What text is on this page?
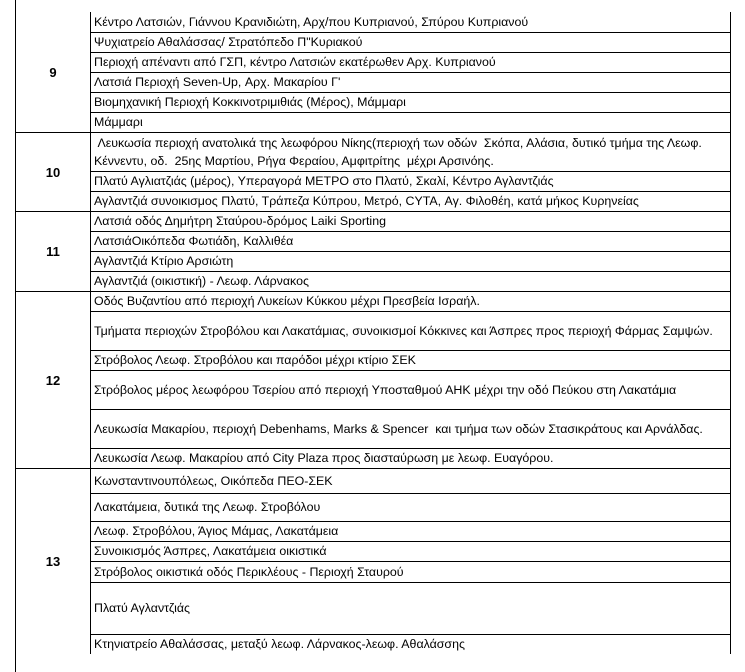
9
Κέντρο Λατσιών, Γιάννου Κρανιδιώτη, Αρχ/που Κυπριανού, Σπύρου Κυπριανού
Ψυχιατρείο Αθαλάσσας/ Στρατόπεδο Π"Κυριακού
Περιοχή απέναντι από ΓΣΠ, κέντρο Λατσιών εκατέρωθεν Αρχ. Κυπριανού
Λατσιά Περιοχή Seven-Up, Αρχ. Μακαρίου Γ'
Βιομηχανική Περιοχή Κοκκινοτριμιθιάς (Μέρος), Μάμμαρι
Μάμμαρι
10
Λευκωσία περιοχή ανατολικά της λεωφόρου Νίκης(περιοχή των οδών  Σκόπα, Αλάσια, δυτικό τμήμα της Λεωφ. Κέννεντυ, οδ.  25ης Μαρτίου, Ρήγα Φεραίου, Αμφιτρίτης  μέχρι Αρσινόης.
Πλατύ Αγλιατζιάς (μέρος), Υπεραγορά ΜΕΤΡΟ στο Πλατύ, Σκαλί, Κέντρο Αγλαντζιάς
Αγλαντζιά συνοικισμος Πλατύ, Τράπεζα Κύπρου, Μετρό, CYTA, Αγ. Φιλοθέη, κατά μήκος Κυρηνείας
11
Λατσιά οδός Δημήτρη Σταύρου-δρόμος Laiki Sporting
ΛατσιάΟικόπεδα Φωτιάδη, Καλλιθέα
Αγλαντζιά Κτίριο Αρσιώτη
Αγλαντζιά (οικιστική) - Λεωφ. Λάρνακος
12
Οδός Βυζαντίου από περιοχή Λυκείων Κύκκου μέχρι Πρεσβεία Ισραήλ.
Τμήματα περιοχών Στροβόλου και Λακατάμιας, συνοικισμοί Κόκκινες και Άσπρες προς περιοχή Φάρμας Σαμψών.
Στρόβολος Λεωφ. Στροβόλου και παρόδοι μέχρι κτίριο ΣΕΚ
Στρόβολος μέρος λεωφόρου Τσερίου από περιοχή Υποσταθμού ΑΗΚ μέχρι την οδό Πεύκου στη Λακατάμια
Λευκωσία Μακαρίου, περιοχή Debenhams, Marks & Spencer  και τμήμα των οδών Στασικράτους και Αρνάλδας.
Λευκωσία Λεωφ. Μακαρίου από City Plaza προς διασταύρωση με λεωφ. Ευαγόρου.
13
Κωνσταντινουπόλεως, Οικόπεδα ΠΕΟ-ΣΕΚ
Λακατάμεια, δυτικά της Λεωφ. Στροβόλου
Λεωφ. Στροβόλου, Άγιος Μάμας, Λακατάμεια
Συνοικισμός Άσπρες, Λακατάμεια οικιστικά
Στρόβολος οικιστικά οδός Περικλέους - Περιοχή Σταυρού
Πλατύ Αγλαντζιάς
Κτηνιατρείο Αθαλάσσας, μεταξύ λεωφ. Λάρνακος-λεωφ. Αθαλάσσης
